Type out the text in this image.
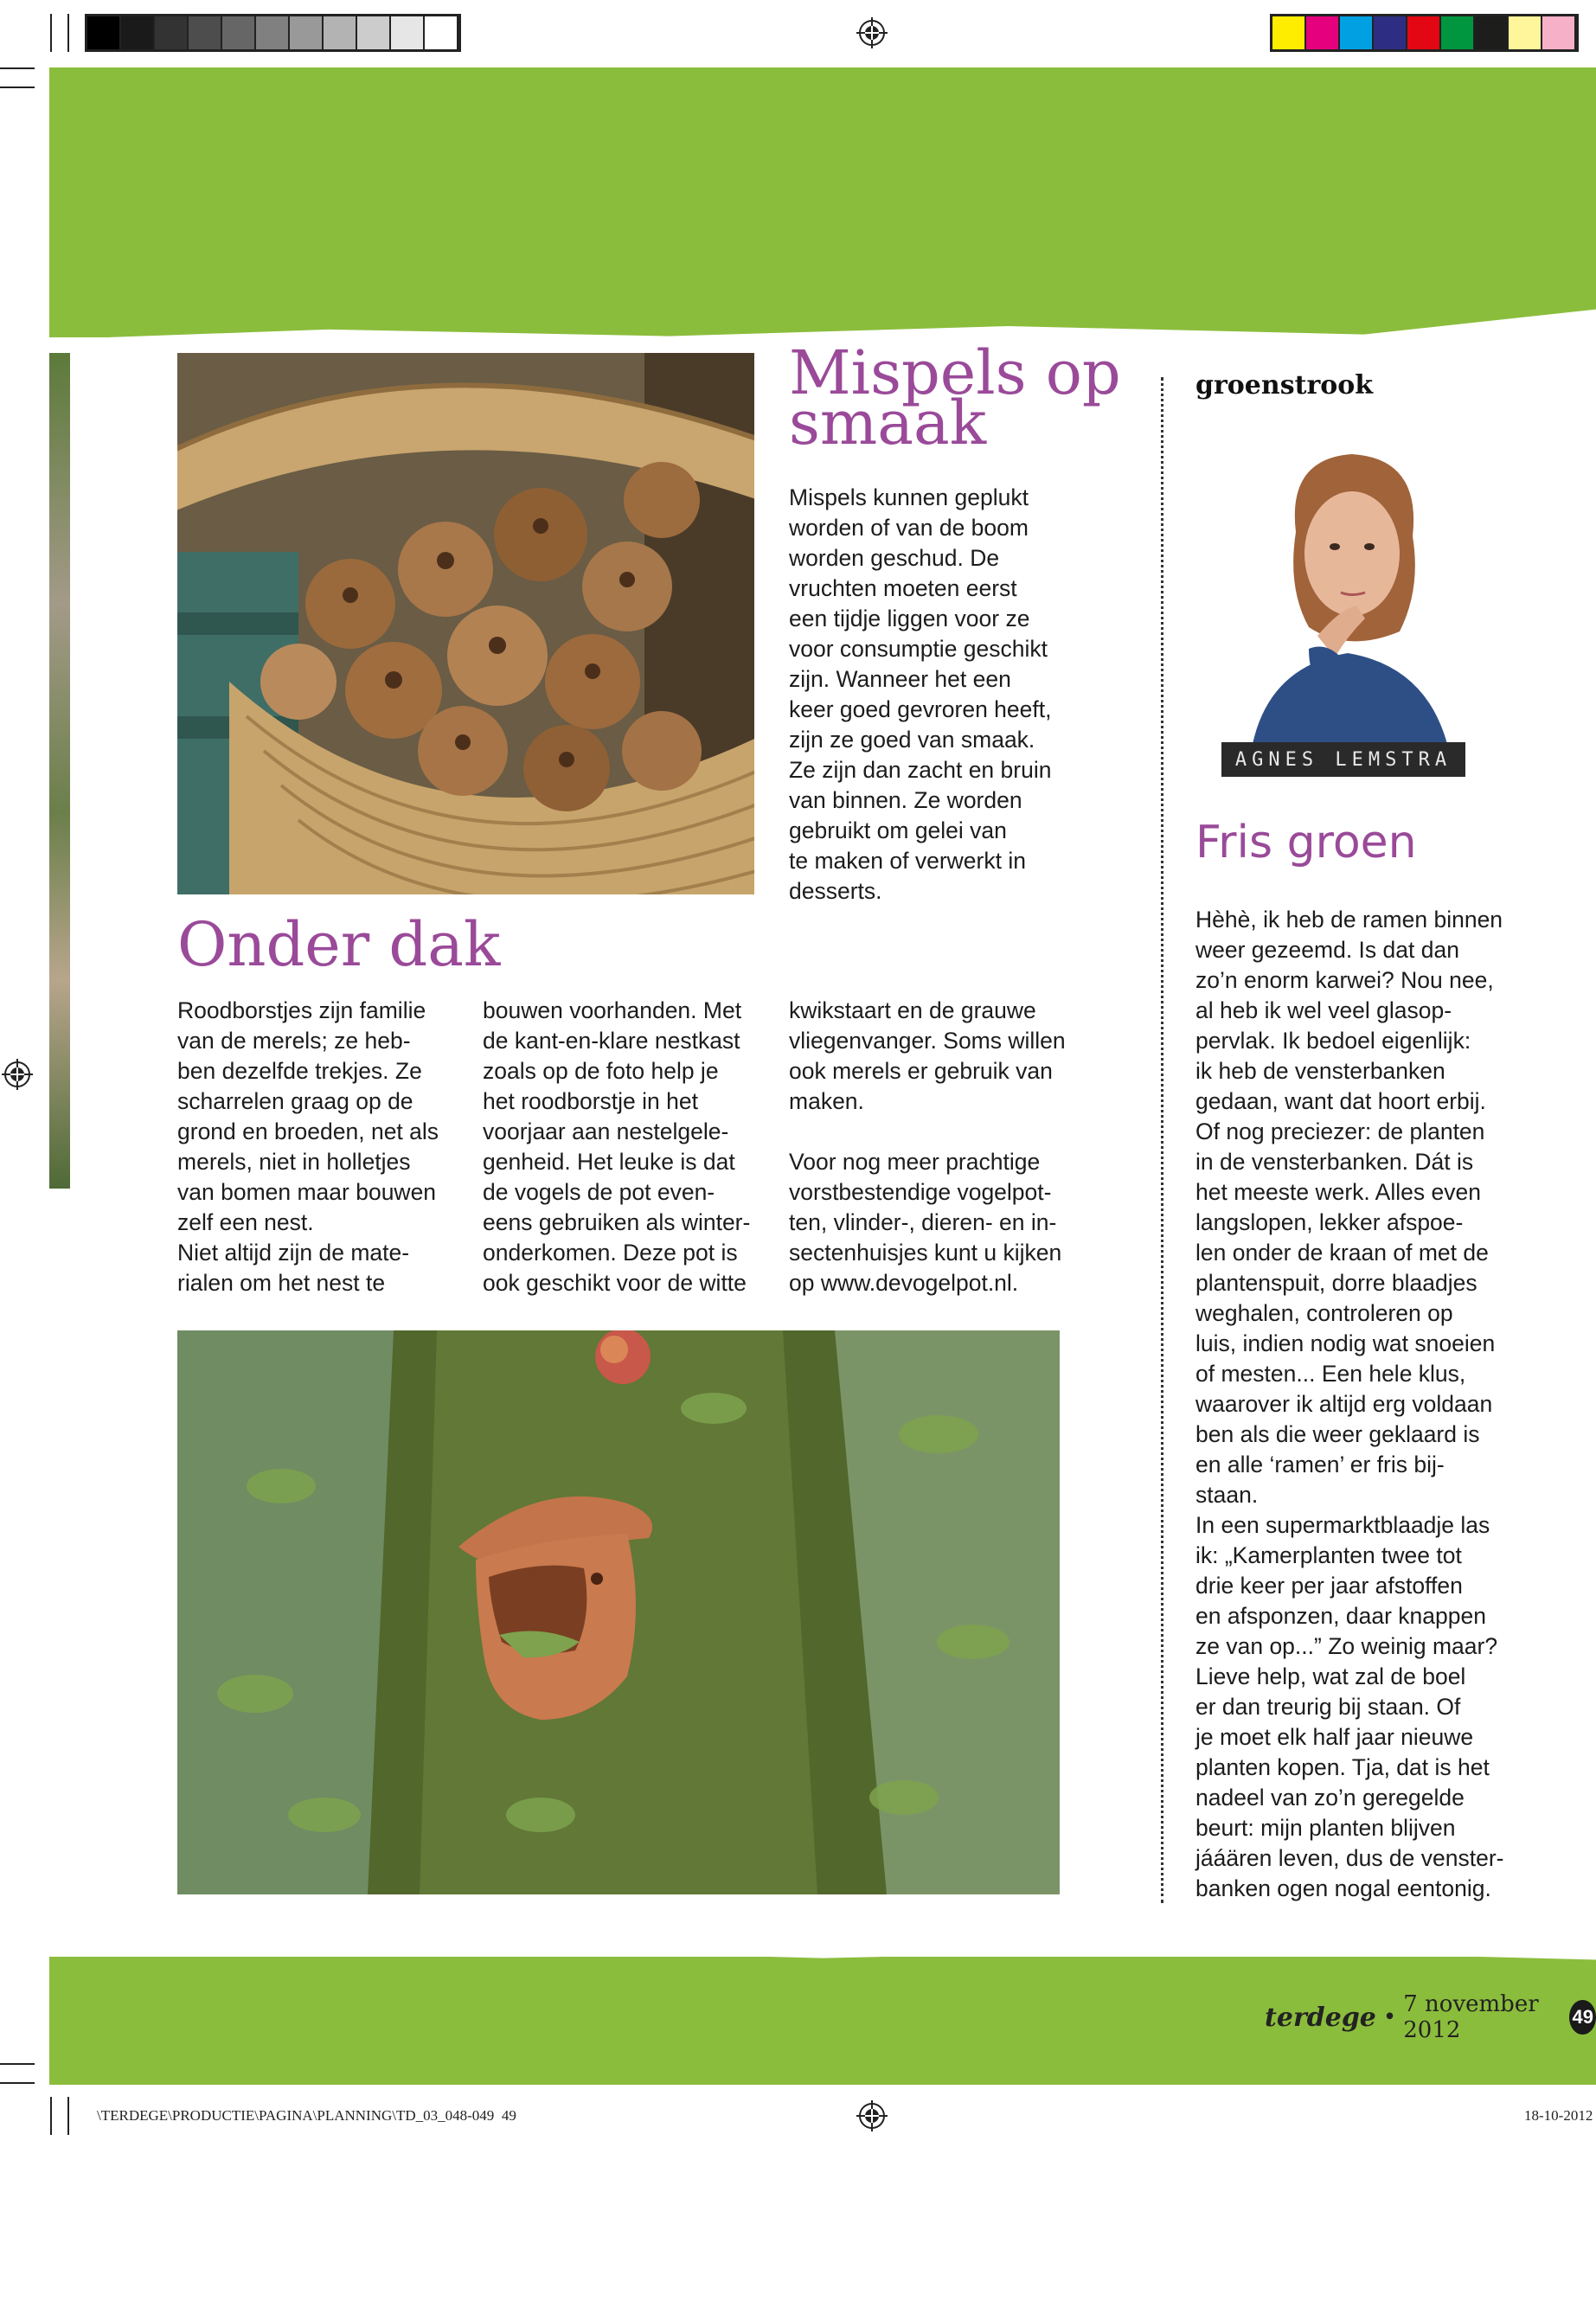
Mispels op
smaak

Mispels kunnen geplukt

worden of van de boom

worden geschud. De

vruchten moeten eerst

een tijdje liggen voor ze

voor consumptie geschikt

zijn. Wanneer het een

keer goed gevroren heeft,

zijn ze goed van smaak.

Ze zijn dan zacht en bruin

van binnen. Ze worden

gebruikt om gelei van

te maken of verwerkt in

desserts.

Onder dak

Roodborstjes zijn familie

van de merels; ze heb-

ben dezelfde trekjes. Ze

scharrelen graag op de

grond en broeden, net als

merels, niet in holletjes

van bomen maar bouwen

zelf een nest.

Niet altijd zijn de mate-

rialen om het nest te

bouwen voorhanden. Met

de kant-en-klare nestkast

zoals op de foto help je

het roodborstje in het

voorjaar aan nestelgele-

genheid. Het leuke is dat

de vogels de pot even-

eens gebruiken als winter-

onderkomen. Deze pot is

ook geschikt voor de witte

kwikstaart en de grauwe

vliegenvanger. Soms willen

ook merels er gebruik van

maken.

Voor nog meer prachtige

vorstbestendige vogelpot-

ten, vlinder-, dieren- en in-

sectenhuisjes kunt u kijken

op www.devogelpot.nl.

groenstrook

AGNES LEMSTRA
Fris groen

Hèhè, ik heb de ramen binnen

weer gezeemd. Is dat dan

zo’n enorm karwei? Nou nee,

al heb ik wel veel glasop-

pervlak. Ik bedoel eigenlijk:

ik heb de vensterbanken

gedaan, want dat hoort erbij.

Of nog preciezer: de planten

in de vensterbanken. Dát is

het meeste werk. Alles even

langslopen, lekker afspoe-

len onder de kraan of met de

plantenspuit, dorre blaadjes

weghalen, controleren op

luis, indien nodig wat snoeien

of mesten... Een hele klus,

waarover ik altijd erg voldaan

ben als die weer geklaard is

en alle ‘ramen’ er fris bij-

staan.

In een supermarktblaadje las

ik: „Kamerplanten twee tot

drie keer per jaar afstoffen

en afsponzen, daar knappen

ze van op...” Zo weinig maar?

Lieve help, wat zal de boel

er dan treurig bij staan. Of

je moet elk half jaar nieuwe

planten kopen. Tja, dat is het

nadeel van zo’n geregelde

beurt: mijn planten blijven

jááären leven, dus de venster-

banken ogen nogal eentonig.

terdege • 7 november 2012
49
\TERDEGE\PRODUCTIE\PAGINA\PLANNING\TD_03_048-049 49	18-10-2012
